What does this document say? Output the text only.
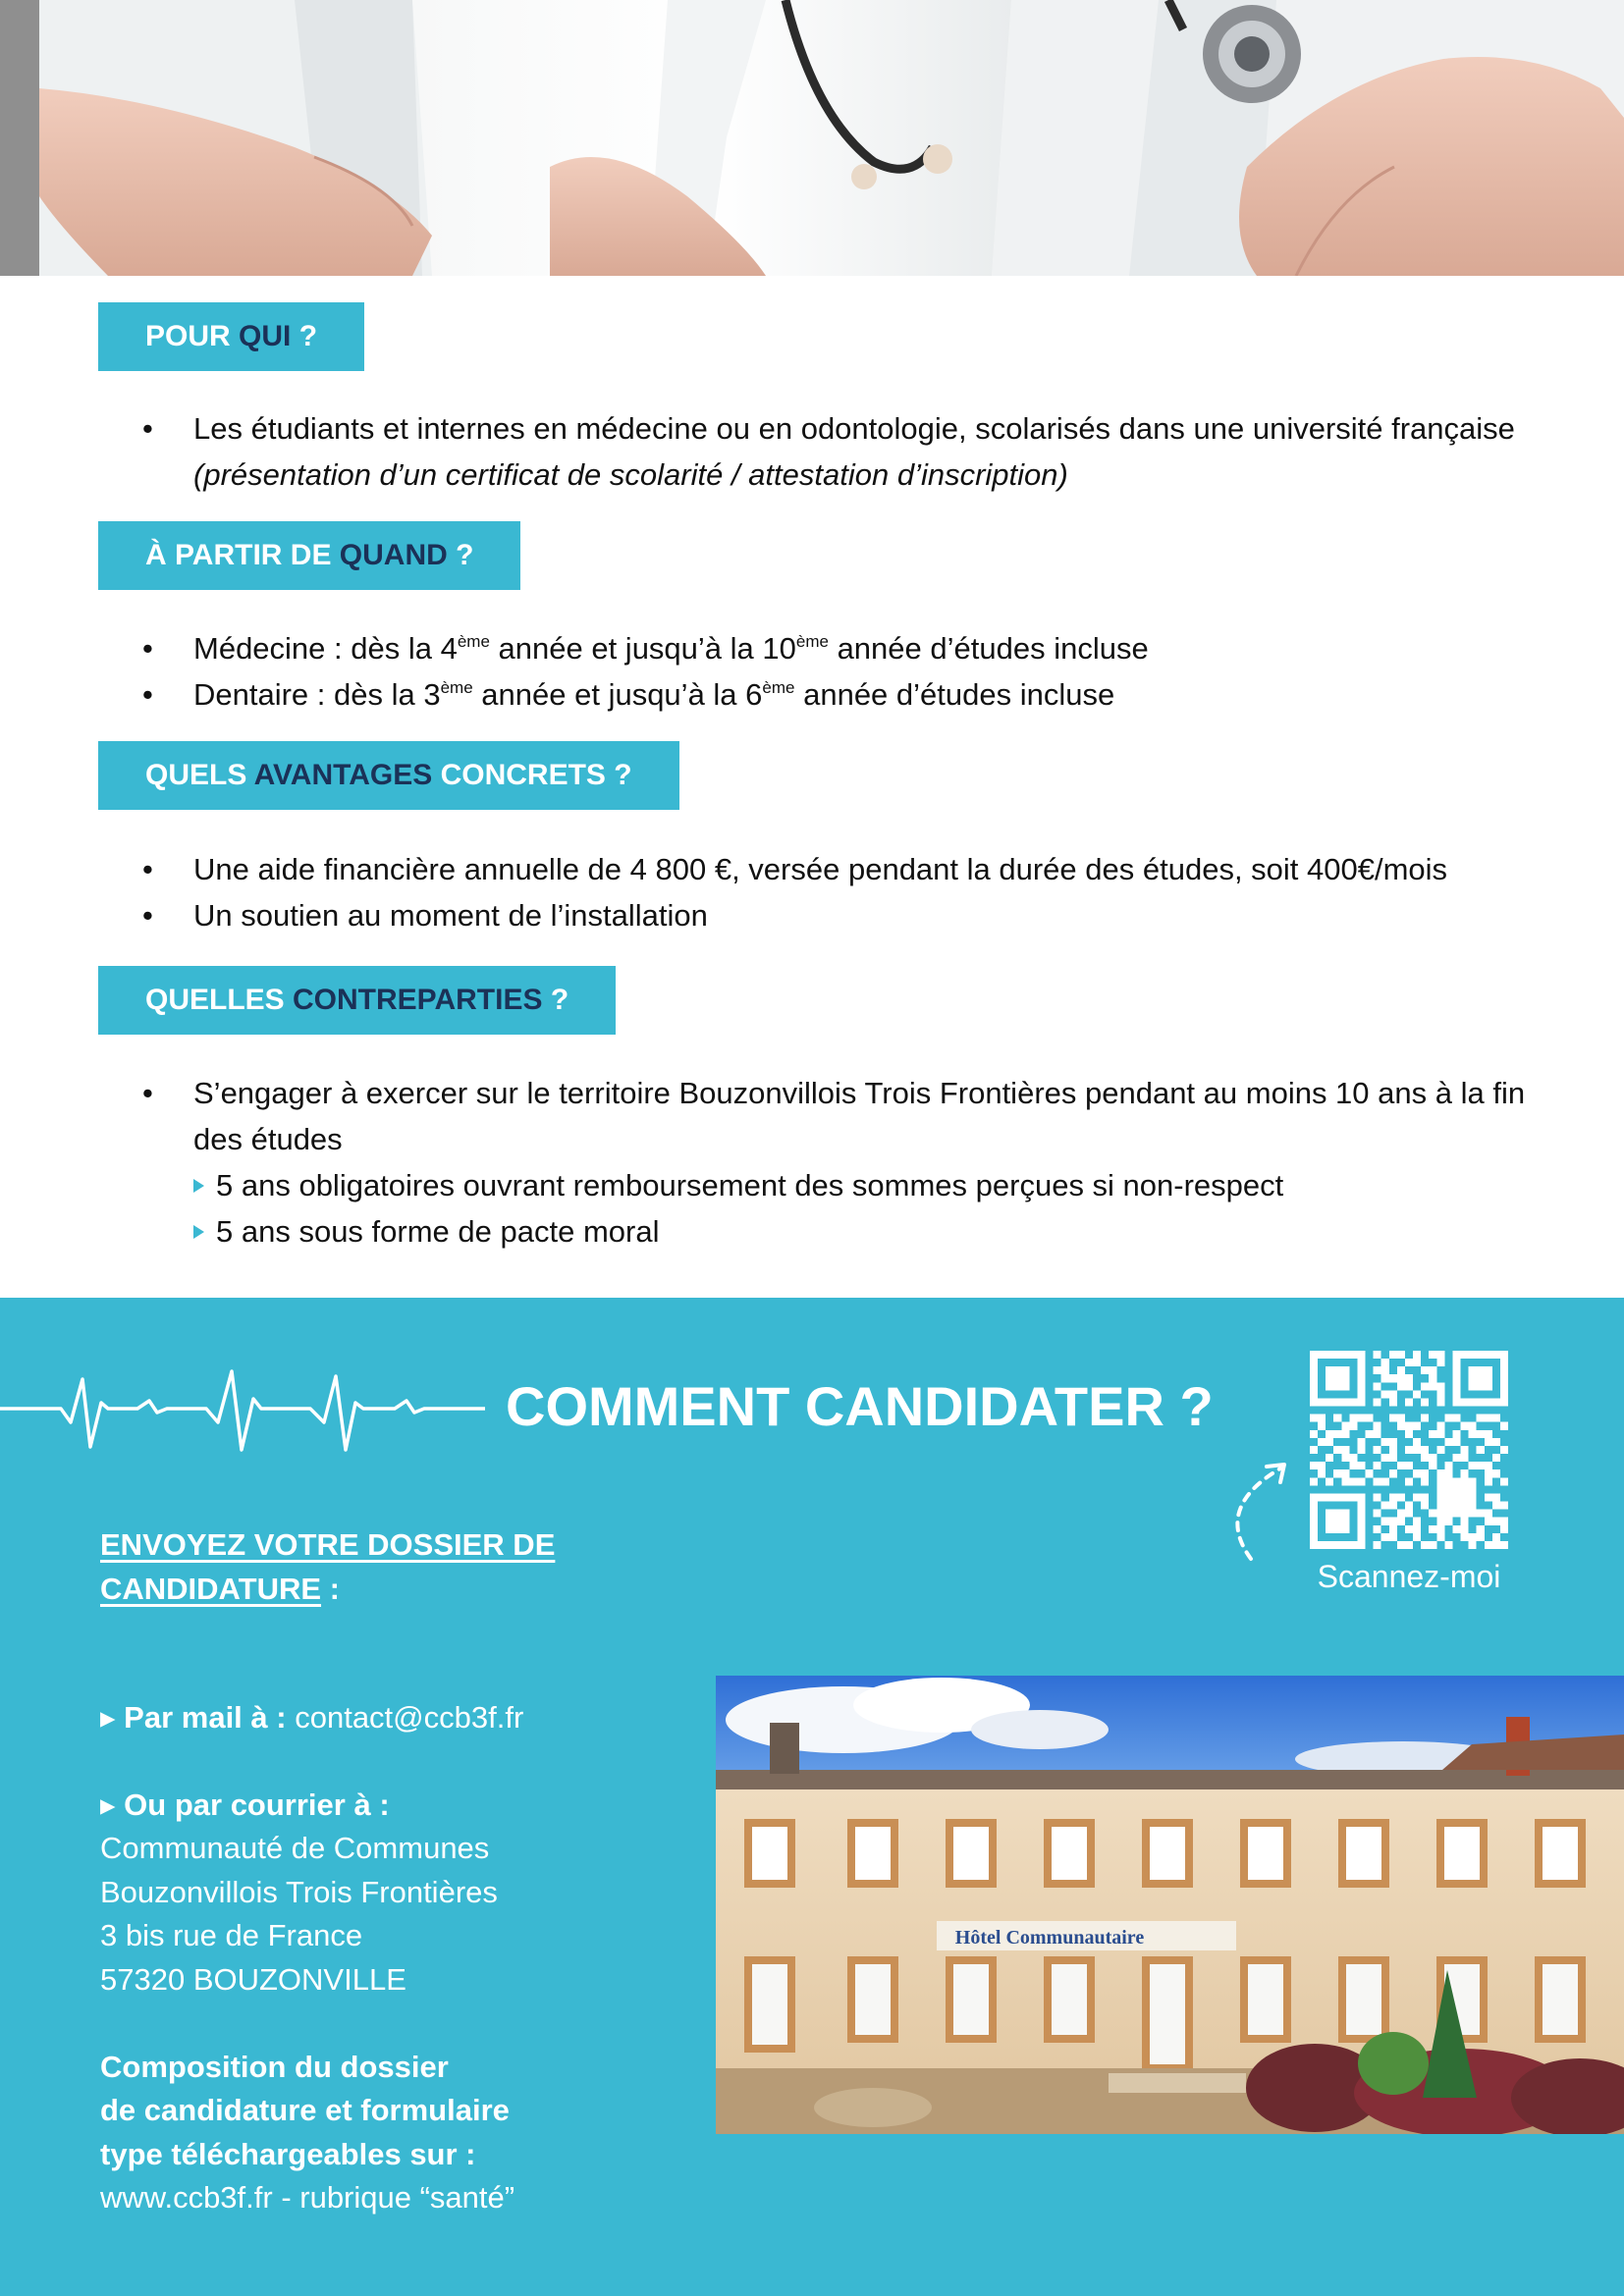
POUR QUI ?
• Les étudiants et internes en médecine ou en odontologie, scolarisés dans une université française (présentation d’un certificat de scolarité / attestation d’inscription)
À PARTIR DE QUAND ?
• Médecine : dès la 4ème année et jusqu’à la 10ème année d’études incluse
• Dentaire : dès la 3ème année et jusqu’à la 6ème année d’études incluse
QUELS AVANTAGES CONCRETS ?
• Une aide financière annuelle de 4 800 €, versée pendant la durée des études, soit 400€/mois
• Un soutien au moment de l’installation
QUELLES CONTREPARTIES ?
• S’engager à exercer sur le territoire Bouzonvillois Trois Frontières pendant au moins 10 ans à la fin des études
5 ans obligatoires ouvrant remboursement des sommes perçues si non-respect
5 ans sous forme de pacte moral
COMMENT CANDIDATER ?
Scannez-moi

ENVOYEZ VOTRE DOSSIER DE CANDIDATURE :

▸ Par mail à : contact@ccb3f.fr

▸ Ou par courrier à :

Communauté de Communes

Bouzonvillois Trois Frontières

3 bis rue de France

57320 BOUZONVILLE

Composition du dossier

de candidature et formulaire

type téléchargeables sur :

www.ccb3f.fr - rubrique “santé”

Hôtel Communautaire
